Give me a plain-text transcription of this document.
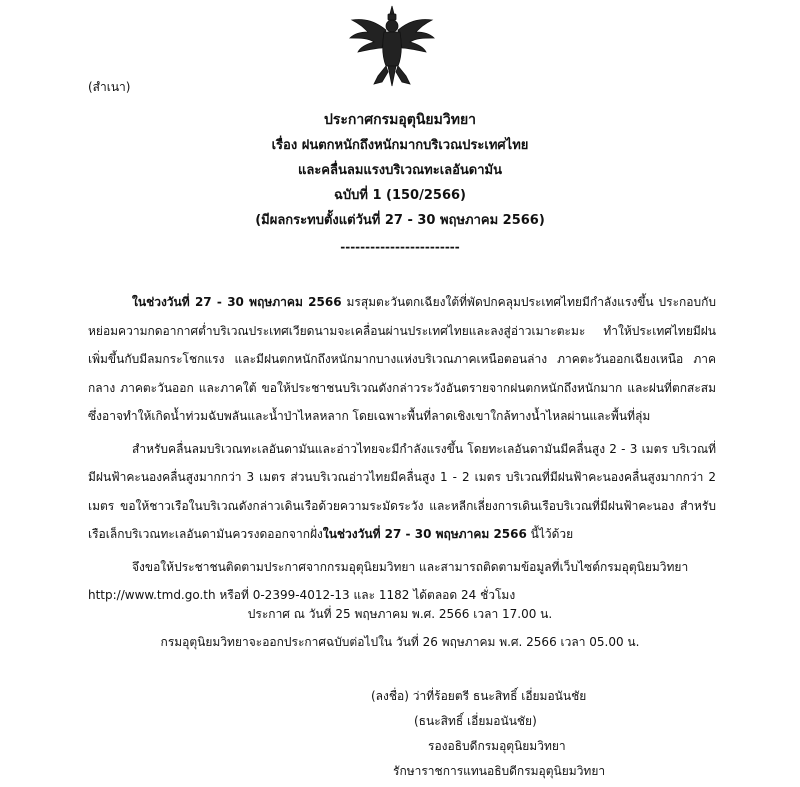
(สำเนา)
ประกาศกรมอุตุนิยมวิทยา
เรื่อง ฝนตกหนักถึงหนักมากบริเวณประเทศไทย
และคลื่นลมแรงบริเวณทะเลอันดามัน
ฉบับที่ 1 (150/2566)
(มีผลกระทบตั้งแต่วันที่ 27 - 30 พฤษภาคม 2566)
------------------------

ในช่วงวันที่ 27 - 30 พฤษภาคม 2566 มรสุมตะวันตกเฉียงใต้ที่พัดปกคลุมประเทศไทยมีกำลังแรงขึ้น ประกอบกับหย่อมความกดอากาศต่ำบริเวณประเทศเวียดนามจะเคลื่อนผ่านประเทศไทยและลงสู่อ่าวเมาะตะมะ ทำให้ประเทศไทยมีฝนเพิ่มขึ้นกับมีลมกระโชกแรง และมีฝนตกหนักถึงหนักมากบางแห่งบริเวณภาคเหนือตอนล่าง ภาคตะวันออกเฉียงเหนือ ภาคกลาง ภาคตะวันออก และภาคใต้ ขอให้ประชาชนบริเวณดังกล่าวระวังอันตรายจากฝนตกหนักถึงหนักมาก และฝนที่ตกสะสมซึ่งอาจทำให้เกิดน้ำท่วมฉับพลันและน้ำป่าไหลหลาก โดยเฉพาะพื้นที่ลาดเชิงเขาใกล้ทางน้ำไหลผ่านและพื้นที่ลุ่ม

สำหรับคลื่นลมบริเวณทะเลอันดามันและอ่าวไทยจะมีกำลังแรงขึ้น โดยทะเลอันดามันมีคลื่นสูง 2 - 3 เมตร บริเวณที่มีฝนฟ้าคะนองคลื่นสูงมากกว่า 3 เมตร ส่วนบริเวณอ่าวไทยมีคลื่นสูง 1 - 2 เมตร บริเวณที่มีฝนฟ้าคะนองคลื่นสูงมากกว่า 2 เมตร ขอให้ชาวเรือในบริเวณดังกล่าวเดินเรือด้วยความระมัดระวัง และหลีกเลี่ยงการเดินเรือบริเวณที่มีฝนฟ้าคะนอง สำหรับเรือเล็กบริเวณทะเลอันดามันควรงดออกจากฝั่งในช่วงวันที่ 27 - 30 พฤษภาคม 2566 นี้ไว้ด้วย

จึงขอให้ประชาชนติดตามประกาศจากกรมอุตุนิยมวิทยา และสามารถติดตามข้อมูลที่เว็บไซต์กรมอุตุนิยมวิทยา

http://www.tmd.go.th หรือที่ 0-2399-4012-13 และ 1182 ได้ตลอด 24 ชั่วโมง

ประกาศ ณ วันที่ 25 พฤษภาคม พ.ศ. 2566 เวลา 17.00 น.
กรมอุตุนิยมวิทยาจะออกประกาศฉบับต่อไปใน วันที่ 26 พฤษภาคม พ.ศ. 2566 เวลา 05.00 น.
(ลงชื่อ) ว่าที่ร้อยตรี ธนะสิทธิ์ เอี่ยมอนันชัย
(ธนะสิทธิ์ เอี่ยมอนันชัย)
รองอธิบดีกรมอุตุนิยมวิทยา
รักษาราชการแทนอธิบดีกรมอุตุนิยมวิทยา
